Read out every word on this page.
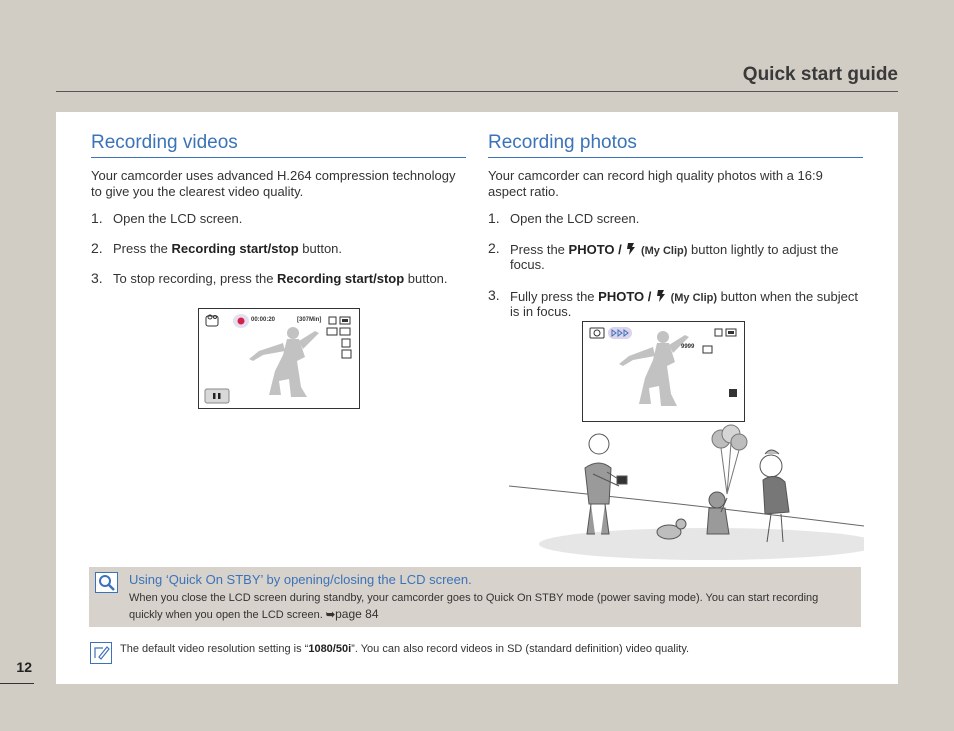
Quick start guide
12
Recording videos
Your camcorder uses advanced H.264 compression technology to give you the clearest video quality.
1. Open the LCD screen.
2. Press the Recording start/stop button.
3. To stop recording, press the Recording start/stop button.
00:00:20	[307Min]
Recording photos
Your camcorder can record high quality photos with a 16:9 aspect ratio.
1. Open the LCD screen.
2. Press the PHOTO /  (My Clip) button lightly to adjust the focus.
3. Fully press the PHOTO /  (My Clip) button when the subject is in focus.
9999
Using ‘Quick On STBY’ by opening/closing the LCD screen.
When you close the LCD screen during standby, your camcorder goes to Quick On STBY mode (power saving mode). You can start recording quickly when you open the LCD screen. ➥page 84
The default video resolution setting is “1080/50i”. You can also record videos in SD (standard definition) video quality.
